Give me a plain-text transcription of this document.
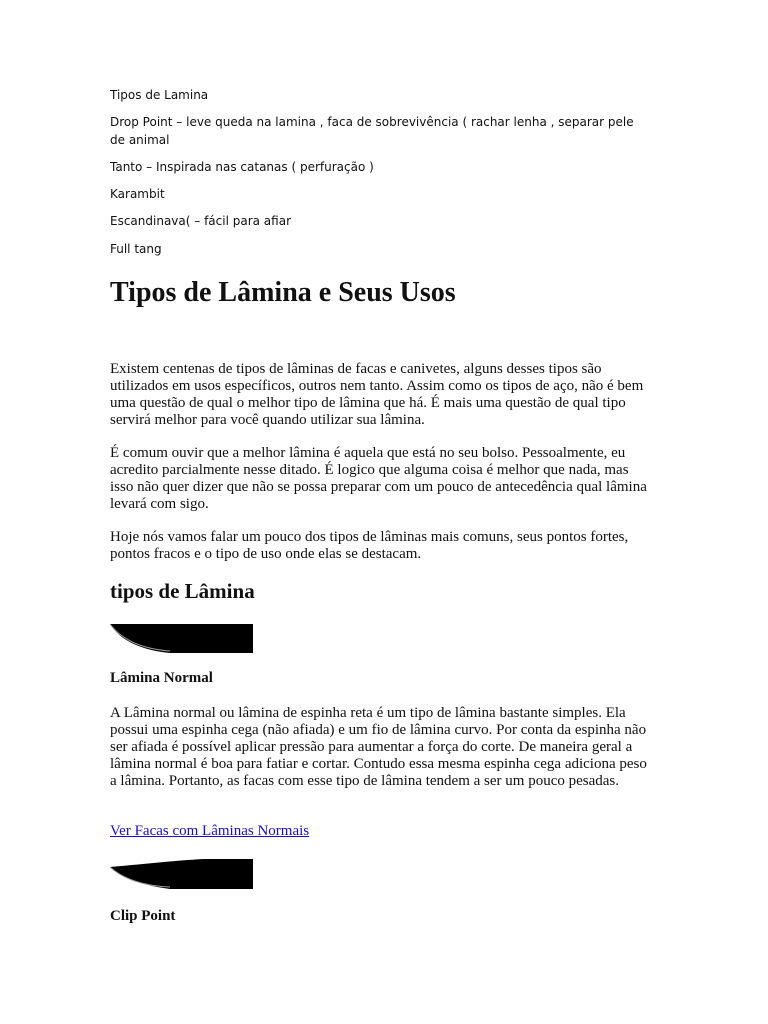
Tipos de Lamina

Drop Point – leve queda na lamina , faca de sobrevivência ( rachar lenha , separar pele de animal

Tanto – Inspirada nas catanas ( perfuração )

Karambit

Escandinava( – fácil para afiar

Full tang

Tipos de Lâmina e Seus Usos

Existem centenas de tipos de lâminas de facas e canivetes, alguns desses tipos são utilizados em usos específicos, outros nem tanto. Assim como os tipos de aço, não é bem uma questão de qual o melhor tipo de lâmina que há. É mais uma questão de qual tipo servirá melhor para você quando utilizar sua lâmina.

É comum ouvir que a melhor lâmina é aquela que está no seu bolso. Pessoalmente, eu acredito parcialmente nesse ditado. É logico que alguma coisa é melhor que nada, mas isso não quer dizer que não se possa preparar com um pouco de antecedência qual lâmina levará com sigo.

Hoje nós vamos falar um pouco dos tipos de lâminas mais comuns, seus pontos fortes, pontos fracos e o tipo de uso onde elas se destacam.

tipos de Lâmina

Lâmina Normal

A Lâmina normal ou lâmina de espinha reta é um tipo de lâmina bastante simples. Ela possui uma espinha cega (não afiada) e um fio de lâmina curvo. Por conta da espinha não ser afiada é possível aplicar pressão para aumentar a força do corte. De maneira geral a lâmina normal é boa para fatiar e cortar. Contudo essa mesma espinha cega adiciona peso a lâmina. Portanto, as facas com esse tipo de lâmina tendem a ser um pouco pesadas.

Ver Facas com Lâminas Normais

Clip Point
